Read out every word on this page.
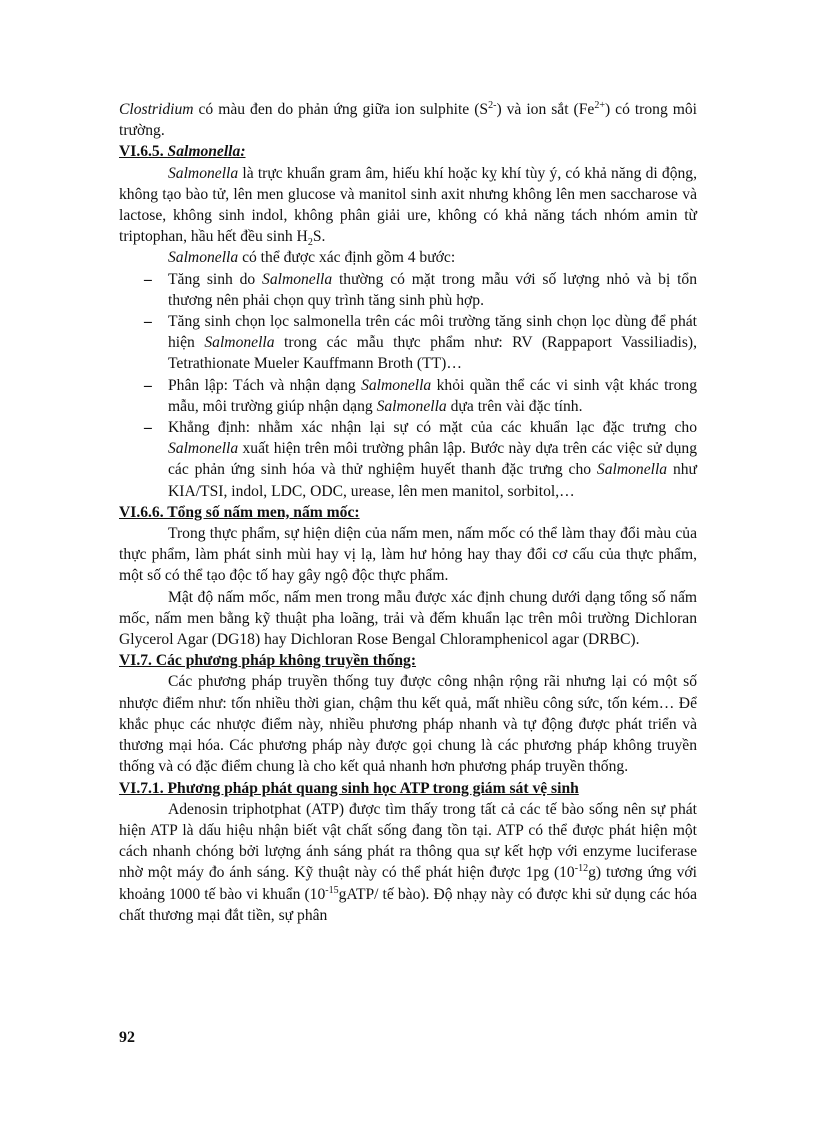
Clostridium có màu đen do phản ứng giữa ion sulphite $(S^{2-})$ và ion sắt $(Fe^{2+})$ có trong môi trường.

VI.6.5. Salmonella:

Salmonella là trực khuẩn gram âm, hiếu khí hoặc kỵ khí tùy ý, có khả năng di động, không tạo bào tử, lên men glucose và manitol sinh axit nhưng không lên men saccharose và lactose, không sinh indol, không phân giải ure, không có khả năng tách nhóm amin từ triptophan, hầu hết đều $\sinh H_2S$.

Salmonella có thể được xác định gồm 4 bước:

– Tăng sinh do Salmonella thường có mặt trong mẫu với số lượng nhỏ và bị tổn thương nên phải chọn quy trình tăng sinh phù hợp.
– Tăng sinh chọn lọc salmonella trên các môi trường tăng sinh chọn lọc dùng để phát hiện Salmonella trong các mẫu thực phẩm như: RV (Rappaport Vassiliadis), Tetrathionate Mueler Kauffmann Broth (TT)…
– Phân lập: Tách và nhận dạng Salmonella khỏi quần thể các vi sinh vật khác trong mẫu, môi trường giúp nhận dạng Salmonella dựa trên vài đặc tính.
– Khẳng định: nhằm xác nhận lại sự có mặt của các khuẩn lạc đặc trưng cho Salmonella xuất hiện trên môi trường phân lập. Bước này dựa trên các việc sử dụng các phản ứng sinh hóa và thử nghiệm huyết thanh đặc trưng cho Salmonella như KIA/TSI, indol, LDC, ODC, urease, lên men manitol, sorbitol,…

VI.6.6. Tổng số nấm men, nấm mốc:

Trong thực phẩm, sự hiện diện của nấm men, nấm mốc có thể làm thay đổi màu của thực phẩm, làm phát sinh mùi hay vị lạ, làm hư hỏng hay thay đổi cơ cấu của thực phẩm, một số có thể tạo độc tố hay gây ngộ độc thực phẩm.

Mật độ nấm mốc, nấm men trong mẫu được xác định chung dưới dạng tổng số nấm mốc, nấm men bằng kỹ thuật pha loãng, trải và đếm khuẩn lạc trên môi trường Dichloran Glycerol Agar (DG18) hay Dichloran Rose Bengal Chloramphenicol agar (DRBC).

VI.7. Các phương pháp không truyền thống:

Các phương pháp truyền thống tuy được công nhận rộng rãi nhưng lại có một số nhược điểm như: tốn nhiều thời gian, chậm thu kết quả, mất nhiều công sức, tốn kém… Để khắc phục các nhược điểm này, nhiều phương pháp nhanh và tự động được phát triển và thương mại hóa. Các phương pháp này được gọi chung là các phương pháp không truyền thống và có đặc điểm chung là cho kết quả nhanh hơn phương pháp truyền thống.

VI.7.1. Phương pháp phát quang sinh học ATP trong giám sát vệ sinh

Adenosin triphotphat (ATP) được tìm thấy trong tất cả các tế bào sống nên sự phát hiện ATP là dấu hiệu nhận biết vật chất sống đang tồn tại. ATP có thể được phát hiện một cách nhanh chóng bởi lượng ánh sáng phát ra thông qua sự kết hợp với enzyme luciferase nhờ một máy đo ánh sáng. Kỹ thuật này có thể phát hiện được 1pg $(10^{-12}g)$ tương ứng với khoảng 1000 tế bào vi khuẩn ($10^{-15}gATP/$ tế bào). Độ nhạy này có được khi sử dụng các hóa chất thương mại đắt tiền, sự phân

92
